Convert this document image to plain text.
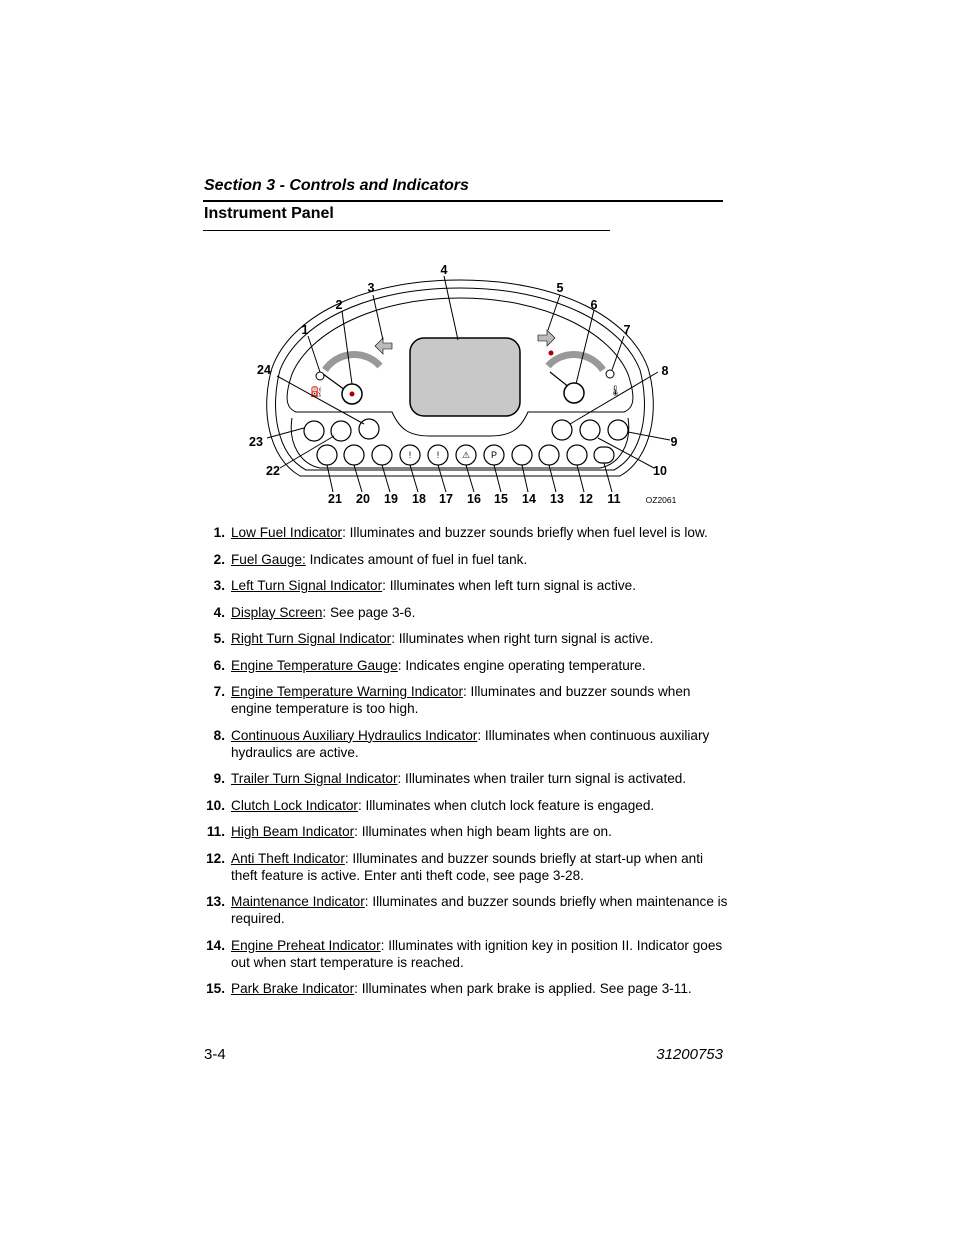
Section 3 - Controls and Indicators
Instrument Panel
⛽	🌡
!	!	⚠ P
1
2
3
4
5
6
7
8
9
10
11
12
13
14
15
16
17
18
19
20
21
22
23
24
OZ2061
1. Low Fuel Indicator: Illuminates and buzzer sounds briefly when fuel level is low.
2. Fuel Gauge: Indicates amount of fuel in fuel tank.
3. Left Turn Signal Indicator: Illuminates when left turn signal is active.
4. Display Screen: See page 3-6.
5. Right Turn Signal Indicator: Illuminates when right turn signal is active.
6. Engine Temperature Gauge: Indicates engine operating temperature.
7. Engine Temperature Warning Indicator: Illuminates and buzzer sounds when engine temperature is too high.
8. Continuous Auxiliary Hydraulics Indicator: Illuminates when continuous auxiliary hydraulics are active.
9. Trailer Turn Signal Indicator: Illuminates when trailer turn signal is activated.
10. Clutch Lock Indicator: Illuminates when clutch lock feature is engaged.
11. High Beam Indicator: Illuminates when high beam lights are on.
12. Anti Theft Indicator: Illuminates and buzzer sounds briefly at start-up when anti theft feature is active. Enter anti theft code, see page 3-28.
13. Maintenance Indicator: Illuminates and buzzer sounds briefly when maintenance is required.
14. Engine Preheat Indicator: Illuminates with ignition key in position II. Indicator goes out when start temperature is reached.
15. Park Brake Indicator: Illuminates when park brake is applied. See page 3-11.
3-4	31200753
